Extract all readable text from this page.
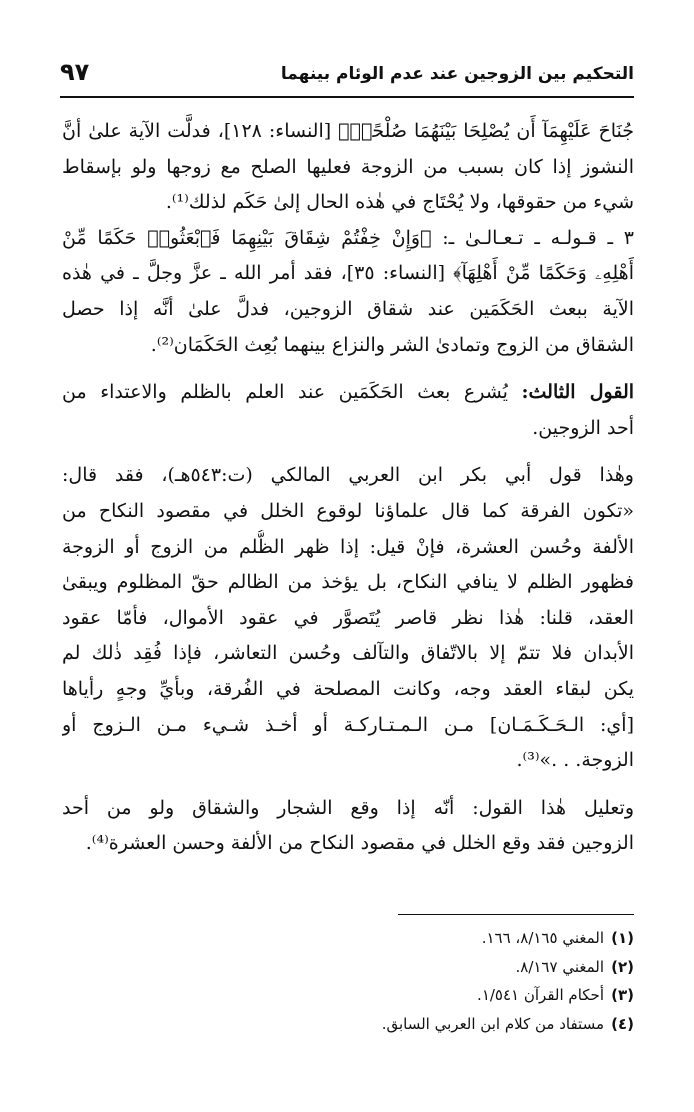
التحكيم بين الزوجين عند عدم الوئام بينهما
٩٧
جُنَاحَ عَلَيْهِمَآ أَن يُصْلِحَا بَيْنَهُمَا صُلْحًاۚ﴾ [النساء: ١٢٨]، فدلَّت الآية علىٰ أنَّ
النشوز إذا كان بسبب من الزوجة فعليها الصلح مع زوجها ولو بإسقاط
شيء من حقوقها، ولا يُحْتَاج في هٰذه الحال إلىٰ حَكَم لذلك⁽¹⁾.
٣ ـ قـولـه ـ تـعـالـىٰ ـ: ﴿وَإِنْ خِفْتُمْ شِقَاقَ بَيْنِهِمَا فَٱبْعَثُوا۟ حَكَمًا مِّنْ
أَهْلِهِۦ وَحَكَمًا مِّنْ أَهْلِهَآ﴾ [النساء: ٣٥]، فقد أمر الله ـ عزَّ وجلَّ ـ في هٰذه
الآية ببعث الحَكَمَين عند شقاق الزوجين، فدلَّ علىٰ أنَّه إذا حصل
الشقاق من الزوج وتمادىٰ الشر والنزاع بينهما بُعِث الحَكَمَان⁽²⁾.
القول الثالث: يُشرع بعث الحَكَمَين عند العلم بالظلم والاعتداء من
أحد الزوجين.
وهٰذا قول أبي بكر ابن العربي المالكي (ت:٥٤٣هـ)، فقد قال:
«تكون الفرقة كما قال علماؤنا لوقوع الخلل في مقصود النكاح من
الألفة وحُسن العشرة، فإنْ قيل: إذا ظهر الظُّلم من الزوج أو الزوجة
فظهور الظلم لا ينافي النكاح، بل يؤخذ من الظالم حقّ المظلوم ويبقىٰ
العقد، قلنا: هٰذا نظر قاصر يُتَصوَّر في عقود الأموال، فأمّا عقود
الأبدان فلا تتمّ إلا بالاتّفاق والتآلف وحُسن التعاشر، فإذا فُقِد ذٰلك لم
يكن لبقاء العقد وجه، وكانت المصلحة في الفُرقة، وبأيِّ وجهٍ رأياها
[أي: الـحَـكَـمَـان] مـن الـمـتـاركـة أو أخـذ شـيء مـن الـزوج أو
الزوجة. . .»⁽³⁾.
وتعليل هٰذا القول: أنّه إذا وقع الشجار والشقاق ولو من أحد
الزوجين فقد وقع الخلل في مقصود النكاح من الألفة وحسن العشرة⁽⁴⁾.
(١)المغني ٨/١٦٥، ١٦٦.
(٢)المغني ٨/١٦٧.
(٣)أحكام القرآن ١/٥٤١.
(٤)مستفاد من كلام ابن العربي السابق.
